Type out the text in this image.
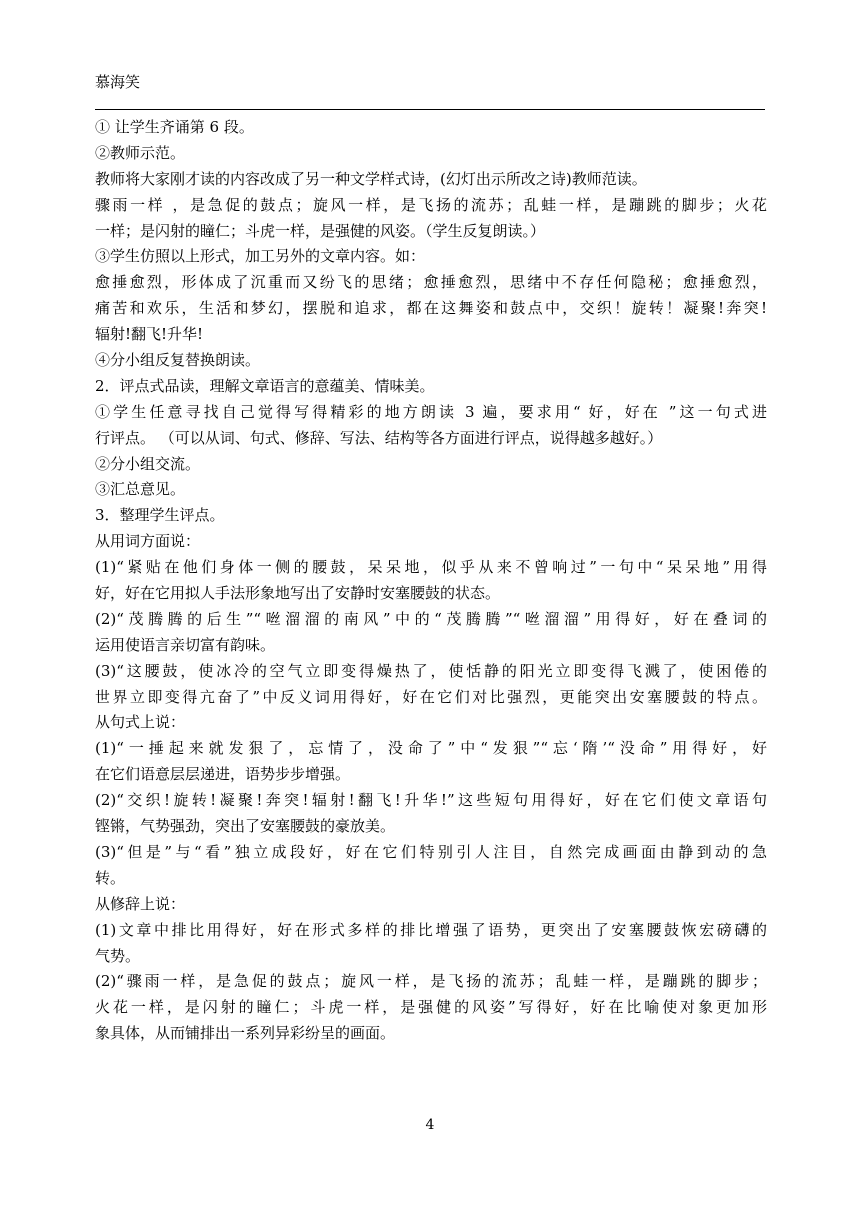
慕海笑
① 让学生齐诵第 6 段。
②教师示范。
教师将大家刚才读的内容改成了另一种文学样式诗，(幻灯出示所改之诗)教师范读。
骤雨一样 ，是急促的鼓点；旋风一样，是飞扬的流苏；乱蛙一样，是蹦跳的脚步；火花
一样；是闪射的瞳仁；斗虎一样，是强健的风姿。（学生反复朗读。）
③学生仿照以上形式，加工另外的文章内容。如：
愈捶愈烈，形体成了沉重而又纷飞的思绪；愈捶愈烈，思绪中不存任何隐秘；愈捶愈烈，
痛苦和欢乐，生活和梦幻，摆脱和追求，都在这舞姿和鼓点中，交织！旋转！凝聚!奔突!
辐射!翻飞!升华!
④分小组反复替换朗读。
2．评点式品读，理解文章语言的意蕴美、情味美。
①学生任意寻找自己觉得写得精彩的地方朗读 3 遍，要求用“ 好，好在 ”这一句式进
行评点。 （可以从词、句式、修辞、写法、结构等各方面进行评点，说得越多越好。）
②分小组交流。
③汇总意见。
3．整理学生评点。
从用词方面说：
(1)“紧贴在他们身体一侧的腰鼓，呆呆地，似乎从来不曾响过”一句中“呆呆地”用得
好，好在它用拟人手法形象地写出了安静时安塞腰鼓的状态。
(2)“茂腾腾的后生”“咝溜溜的南风”中的“茂腾腾”“咝溜溜”用得好，好在叠词的
运用使语言亲切富有韵味。
(3)“这腰鼓，使冰冷的空气立即变得燥热了，使恬静的阳光立即变得飞溅了，使困倦的
世界立即变得亢奋了”中反义词用得好，好在它们对比强烈，更能突出安塞腰鼓的特点。
从句式上说：
(1)“一捶起来就发狠了，忘情了，没命了”中“发狠”“忘‘隋’“没命”用得好，好
在它们语意层层递进，语势步步增强。
(2)“交织!旋转!凝聚!奔突!辐射!翻飞!升华!”这些短句用得好，好在它们使文章语句
铿锵，气势强劲，突出了安塞腰鼓的豪放美。
(3)“但是”与“看”独立成段好，好在它们特别引人注目，自然完成画面由静到动的急
转。
从修辞上说：
(1)文章中排比用得好，好在形式多样的排比增强了语势，更突出了安塞腰鼓恢宏磅礴的
气势。
(2)“骤雨一样，是急促的鼓点；旋风一样，是飞扬的流苏；乱蛙一样，是蹦跳的脚步；
火花一样，是闪射的瞳仁；斗虎一样，是强健的风姿”写得好，好在比喻使对象更加形
象具体，从而铺排出一系列异彩纷呈的画面。
4
